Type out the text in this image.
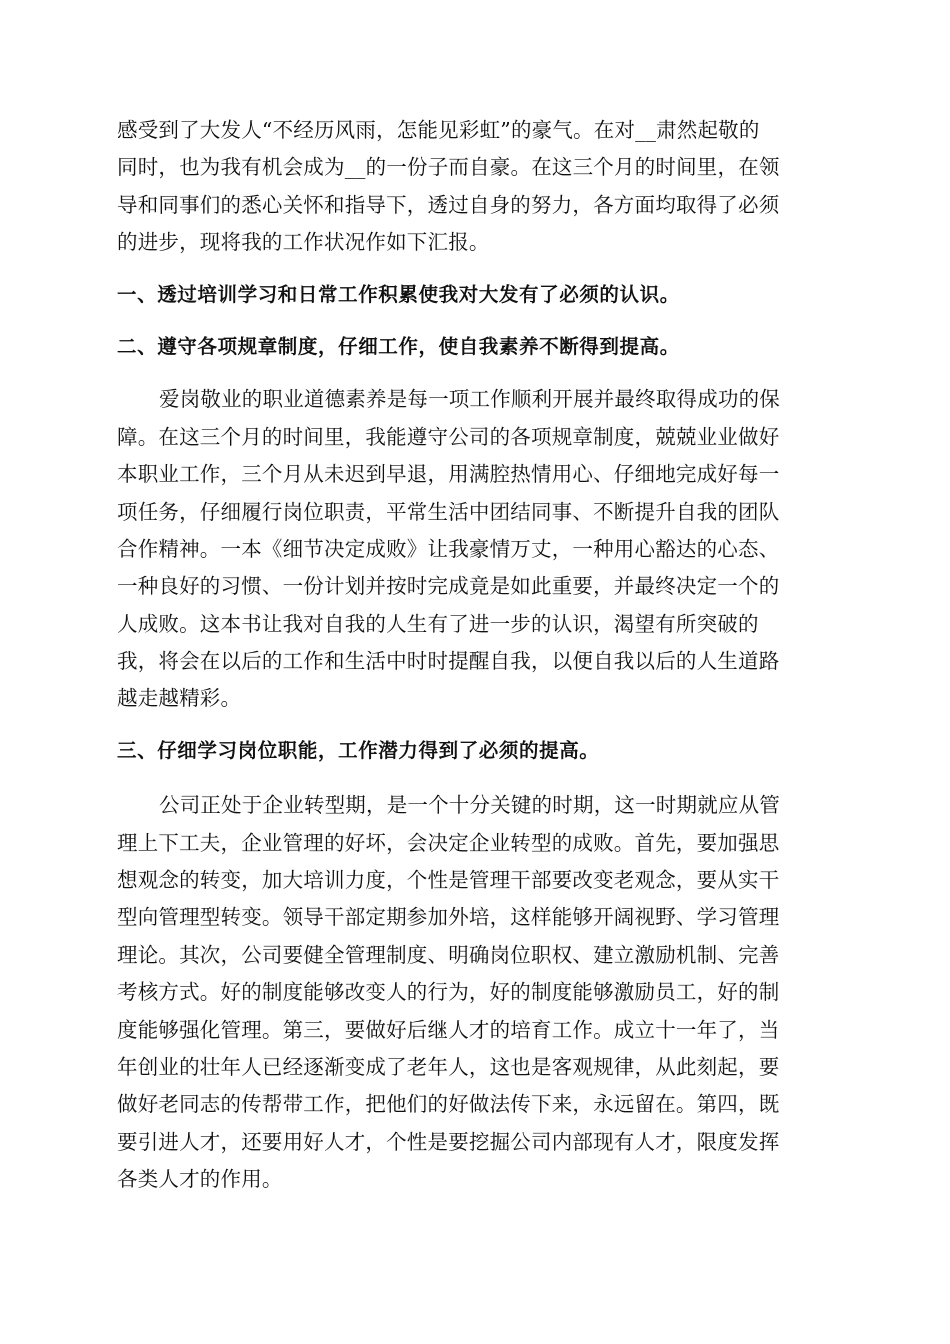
感受到了大发人“不经历风雨，怎能见彩虹”的豪气。在对__肃然起敬的
同时，也为我有机会成为__的一份子而自豪。在这三个月的时间里，在领
导和同事们的悉心关怀和指导下，透过自身的努力，各方面均取得了必须
的进步，现将我的工作状况作如下汇报。
一、透过培训学习和日常工作积累使我对大发有了必须的认识。
二、遵守各项规章制度，仔细工作，使自我素养不断得到提高。
爱岗敬业的职业道德素养是每一项工作顺利开展并最终取得成功的保
障。在这三个月的时间里，我能遵守公司的各项规章制度，兢兢业业做好
本职业工作，三个月从未迟到早退，用满腔热情用心、仔细地完成好每一
项任务，仔细履行岗位职责，平常生活中团结同事、不断提升自我的团队
合作精神。一本《细节决定成败》让我豪情万丈，一种用心豁达的心态、
一种良好的习惯、一份计划并按时完成竟是如此重要，并最终决定一个的
人成败。这本书让我对自我的人生有了进一步的认识，渴望有所突破的
我，将会在以后的工作和生活中时时提醒自我，以便自我以后的人生道路
越走越精彩。
三、仔细学习岗位职能，工作潜力得到了必须的提高。
公司正处于企业转型期，是一个十分关键的时期，这一时期就应从管
理上下工夫，企业管理的好坏，会决定企业转型的成败。首先，要加强思
想观念的转变，加大培训力度，个性是管理干部要改变老观念，要从实干
型向管理型转变。领导干部定期参加外培，这样能够开阔视野、学习管理
理论。其次，公司要健全管理制度、明确岗位职权、建立激励机制、完善
考核方式。好的制度能够改变人的行为，好的制度能够激励员工，好的制
度能够强化管理。第三，要做好后继人才的培育工作。成立十一年了，当
年创业的壮年人已经逐渐变成了老年人，这也是客观规律，从此刻起，要
做好老同志的传帮带工作，把他们的好做法传下来，永远留在。第四，既
要引进人才，还要用好人才，个性是要挖掘公司内部现有人才，限度发挥
各类人才的作用。
